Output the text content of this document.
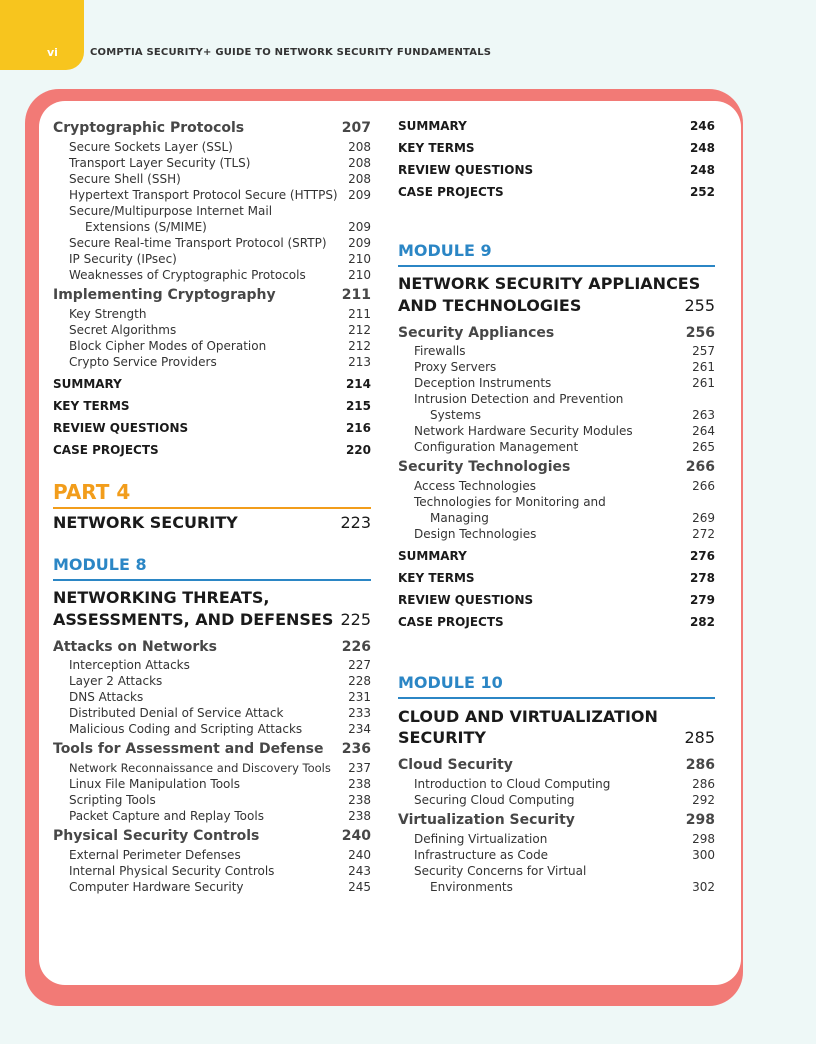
vi	COMPTIA SECURITY+ GUIDE TO NETWORK SECURITY FUNDAMENTALS
Cryptographic Protocols	207
Secure Sockets Layer (SSL)	208
Transport Layer Security (TLS)	208
Secure Shell (SSH)	208
Hypertext Transport Protocol Secure (HTTPS) 209
Secure/Multipurpose Internet Mail
Extensions (S/MIME)	209
Secure Real-time Transport Protocol (SRTP) 209
IP Security (IPsec)	210
Weaknesses of Cryptographic Protocols	210
Implementing Cryptography	211
Key Strength	211
Secret Algorithms	212
Block Cipher Modes of Operation	212
Crypto Service Providers	213
SUMMARY	214
KEY TERMS	215
REVIEW QUESTIONS	216
CASE PROJECTS	220
PART 4
NETWORK SECURITY	223
MODULE 8
NETWORKING THREATS,
ASSESSMENTS, AND DEFENSES 225
Attacks on Networks	226
Interception Attacks	227
Layer 2 Attacks	228
DNS Attacks	231
Distributed Denial of Service Attack	233
Malicious Coding and Scripting Attacks	234
Tools for Assessment and Defense 236
Network Reconnaissance and Discovery Tools 237
Linux File Manipulation Tools	238
Scripting Tools	238
Packet Capture and Replay Tools	238
Physical Security Controls	240
External Perimeter Defenses	240
Internal Physical Security Controls	243
Computer Hardware Security	245
SUMMARY	246
KEY TERMS	248
REVIEW QUESTIONS	248
CASE PROJECTS	252
MODULE 9
NETWORK SECURITY APPLIANCES
AND TECHNOLOGIES	255
Security Appliances	256
Firewalls	257
Proxy Servers	261
Deception Instruments	261
Intrusion Detection and Prevention
Systems	263
Network Hardware Security Modules	264
Configuration Management	265
Security Technologies	266
Access Technologies	266
Technologies for Monitoring and
Managing	269
Design Technologies	272
SUMMARY	276
KEY TERMS	278
REVIEW QUESTIONS	279
CASE PROJECTS	282
MODULE 10
CLOUD AND VIRTUALIZATION
SECURITY	285
Cloud Security	286
Introduction to Cloud Computing	286
Securing Cloud Computing	292
Virtualization Security	298
Defining Virtualization	298
Infrastructure as Code	300
Security Concerns for Virtual
Environments	302
